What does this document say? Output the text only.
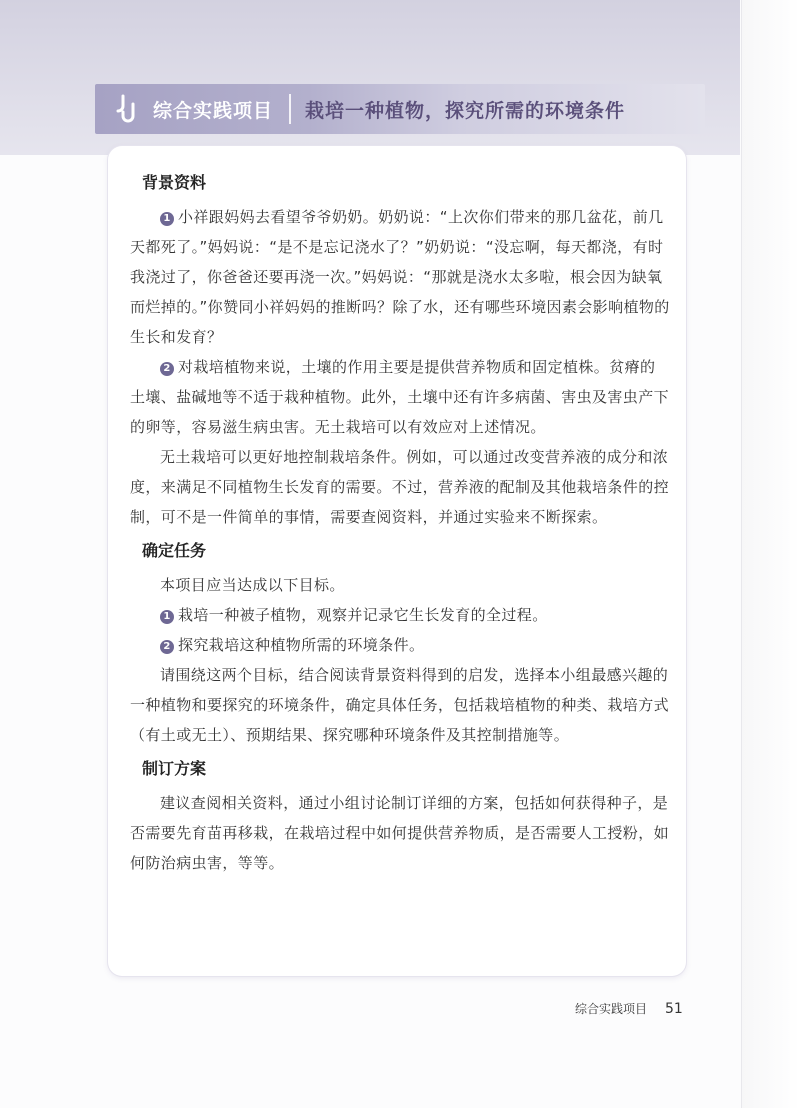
综合实践项目 栽培一种植物，探究所需的环境条件
背景资料

1 小祥跟妈妈去看望爷爷奶奶。奶奶说：“上次你们带来的那几盆花，前几天都死了。”妈妈说：“是不是忘记浇水了？”奶奶说：“没忘啊，每天都浇，有时我浇过了，你爸爸还要再浇一次。”妈妈说：“那就是浇水太多啦，根会因为缺氧而烂掉的。”你赞同小祥妈妈的推断吗？除了水，还有哪些环境因素会影响植物的生长和发育？

2 对栽培植物来说，土壤的作用主要是提供营养物质和固定植株。贫瘠的土壤、盐碱地等不适于栽种植物。此外，土壤中还有许多病菌、害虫及害虫产下的卵等，容易滋生病虫害。无土栽培可以有效应对上述情况。

无土栽培可以更好地控制栽培条件。例如，可以通过改变营养液的成分和浓度，来满足不同植物生长发育的需要。不过，营养液的配制及其他栽培条件的控制，可不是一件简单的事情，需要查阅资料，并通过实验来不断探索。

确定任务

本项目应当达成以下目标。

1 栽培一种被子植物，观察并记录它生长发育的全过程。

2 探究栽培这种植物所需的环境条件。

请围绕这两个目标，结合阅读背景资料得到的启发，选择本小组最感兴趣的一种植物和要探究的环境条件，确定具体任务，包括栽培植物的种类、栽培方式（有土或无土）、预期结果、探究哪种环境条件及其控制措施等。

制订方案

建议查阅相关资料，通过小组讨论制订详细的方案，包括如何获得种子，是否需要先育苗再移栽，在栽培过程中如何提供营养物质，是否需要人工授粉，如何防治病虫害，等等。

综合实践项目 51
